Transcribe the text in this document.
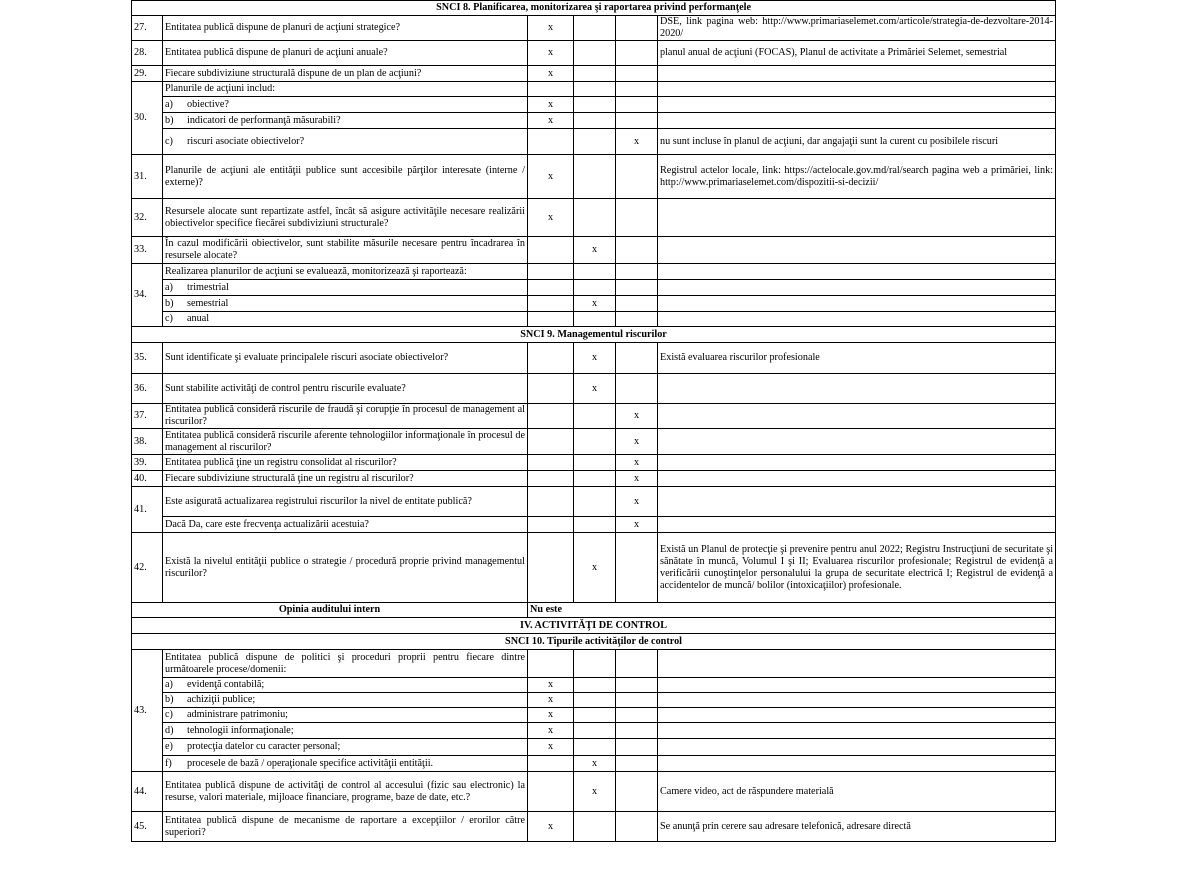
SNCI 8. Planificarea, monitorizarea şi raportarea privind performanţele					
27.	Entitatea publică dispune de planuri de acţiuni strategice?	x			DSE, link pagina web: http://www.primariaselemet.com/articole/strategia-de-dezvoltare-2014-2020/
28.	Entitatea publică dispune de planuri de acţiuni anuale?	x			planul anual de acţiuni (FOCAS), Planul de activitate a Primăriei Selemet, semestrial
29.	Fiecare subdiviziune structurală dispune de un plan de acţiuni?	x			
30.	Planurile de acţiuni includ:				
	a) obiective?	x			
	b) indicatori de performanţă măsurabili?	x			
	c) riscuri asociate obiectivelor?			x	nu sunt incluse în planul de acţiuni, dar angajaţii sunt la curent cu posibilele riscuri
31.	Planurile de acţiuni ale entităţii publice sunt accesibile părţilor interesate (interne / externe)?	x			Registrul actelor locale, link: https://actelocale.gov.md/ral/search pagina web a primăriei, link: http://www.primariaselemet.com/dispozitii-si-decizii/
32.	Resursele alocate sunt repartizate astfel, încât să asigure activităţile necesare realizării obiectivelor specifice fiecărei subdiviziuni structurale?	x			
33.	În cazul modificării obiectivelor, sunt stabilite măsurile necesare pentru încadrarea în resursele alocate?		x		
34.	Realizarea planurilor de acţiuni se evaluează, monitorizează şi raportează:				
	a) trimestrial				
	b) semestrial		x		
	c) anual				
SNCI 9. Managementul riscurilor					
35.	Sunt identificate şi evaluate principalele riscuri asociate obiectivelor?		x		Există evaluarea riscurilor profesionale
36.	Sunt stabilite activităţi de control pentru riscurile evaluate?		x		
37.	Entitatea publică consideră riscurile de fraudă şi corupţie în procesul de management al riscurilor?			x	
38.	Entitatea publică consideră riscurile aferente tehnologiilor informaţionale în procesul de management al riscurilor?			x	
39.	Entitatea publică ţine un registru consolidat al riscurilor?			x	
40.	Fiecare subdiviziune structurală ţine un registru al riscurilor?			x	
41.	Este asigurată actualizarea registrului riscurilor la nivel de entitate publică?			x	
	Dacă Da, care este frecvenţa actualizării acestuia?			x	
42.	Există la nivelul entităţii publice o strategie / procedură proprie privind managementul riscurilor?		x		Există un Planul de protecţie şi prevenire pentru anul 2022; Registru Instrucţiuni de securitate şi sănătate în muncă, Volumul I şi II; Evaluarea riscurilor profesionale; Registrul de evidenţă a verificării cunoştinţelor personalului la grupa de securitate electrică I; Registrul de evidenţă a accidentelor de muncă/ bolilor (intoxicaţiilor) profesionale.
Opinia auditului intern		Nu este			
IV. ACTIVITĂŢI DE CONTROL					
SNCI 10. Tipurile activităţilor de control					
43.	Entitatea publică dispune de politici şi proceduri proprii pentru fiecare dintre următoarele procese/domenii:				
	a) evidenţă contabilă;	x			
	b) achiziţii publice;	x			
	c) administrare patrimoniu;	x			
	d) tehnologii informaţionale;	x			
	e) protecţia datelor cu caracter personal;	x			
	f) procesele de bază / operaţionale specifice activităţii entităţii.		x		
44.	Entitatea publică dispune de activităţi de control al accesului (fizic sau electronic) la resurse, valori materiale, mijloace financiare, programe, baze de date, etc.?		x		Camere video, act de răspundere materială
45.	Entitatea publică dispune de mecanisme de raportare a excepţiilor / erorilor către superiori?	x			Se anunţă prin cerere sau adresare telefonică, adresare directă
